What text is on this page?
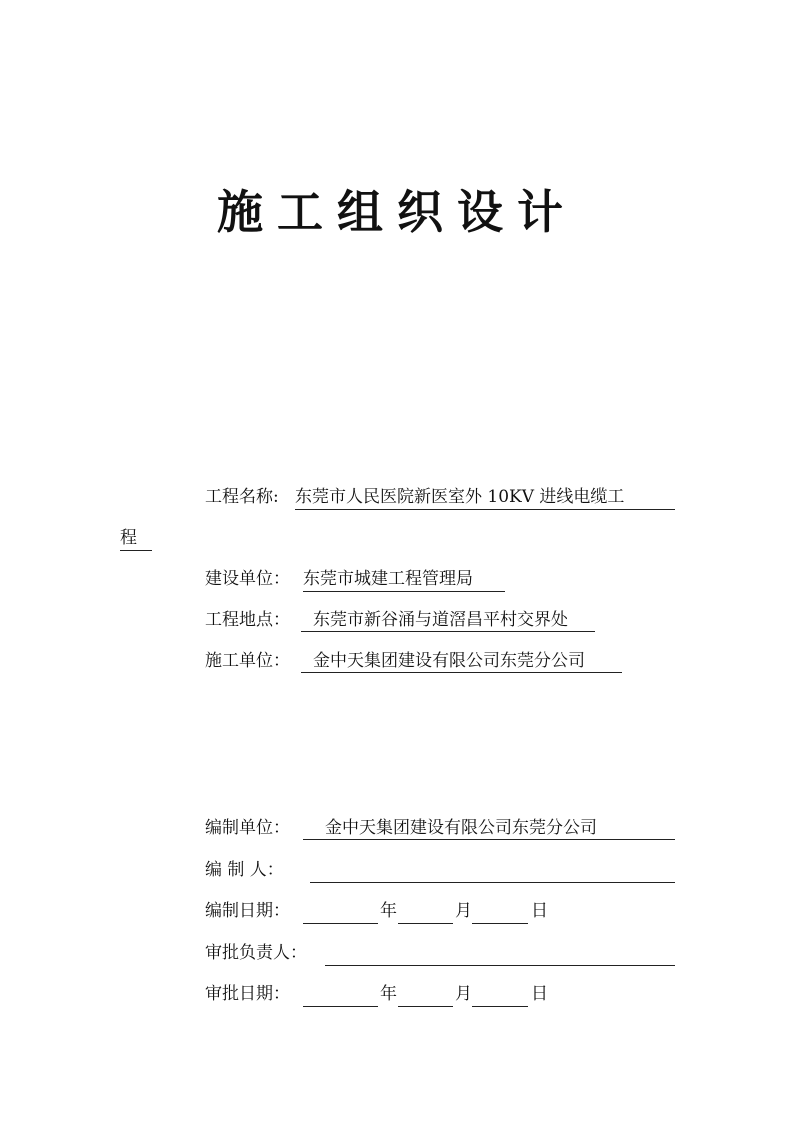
施工组织设计
工程名称: 东莞市人民医院新医室外 10KV 进线电缆工
程
建设单位： 东莞市城建工程管理局
工程地点：	东莞市新谷涌与道滘昌平村交界处
施工单位：	金中天集团建设有限公司东莞分公司
编制单位：	金中天集团建设有限公司东莞分公司
编 制 人：
编制日期：	年	月	日
审批负责人：
审批日期：	年	月	日
